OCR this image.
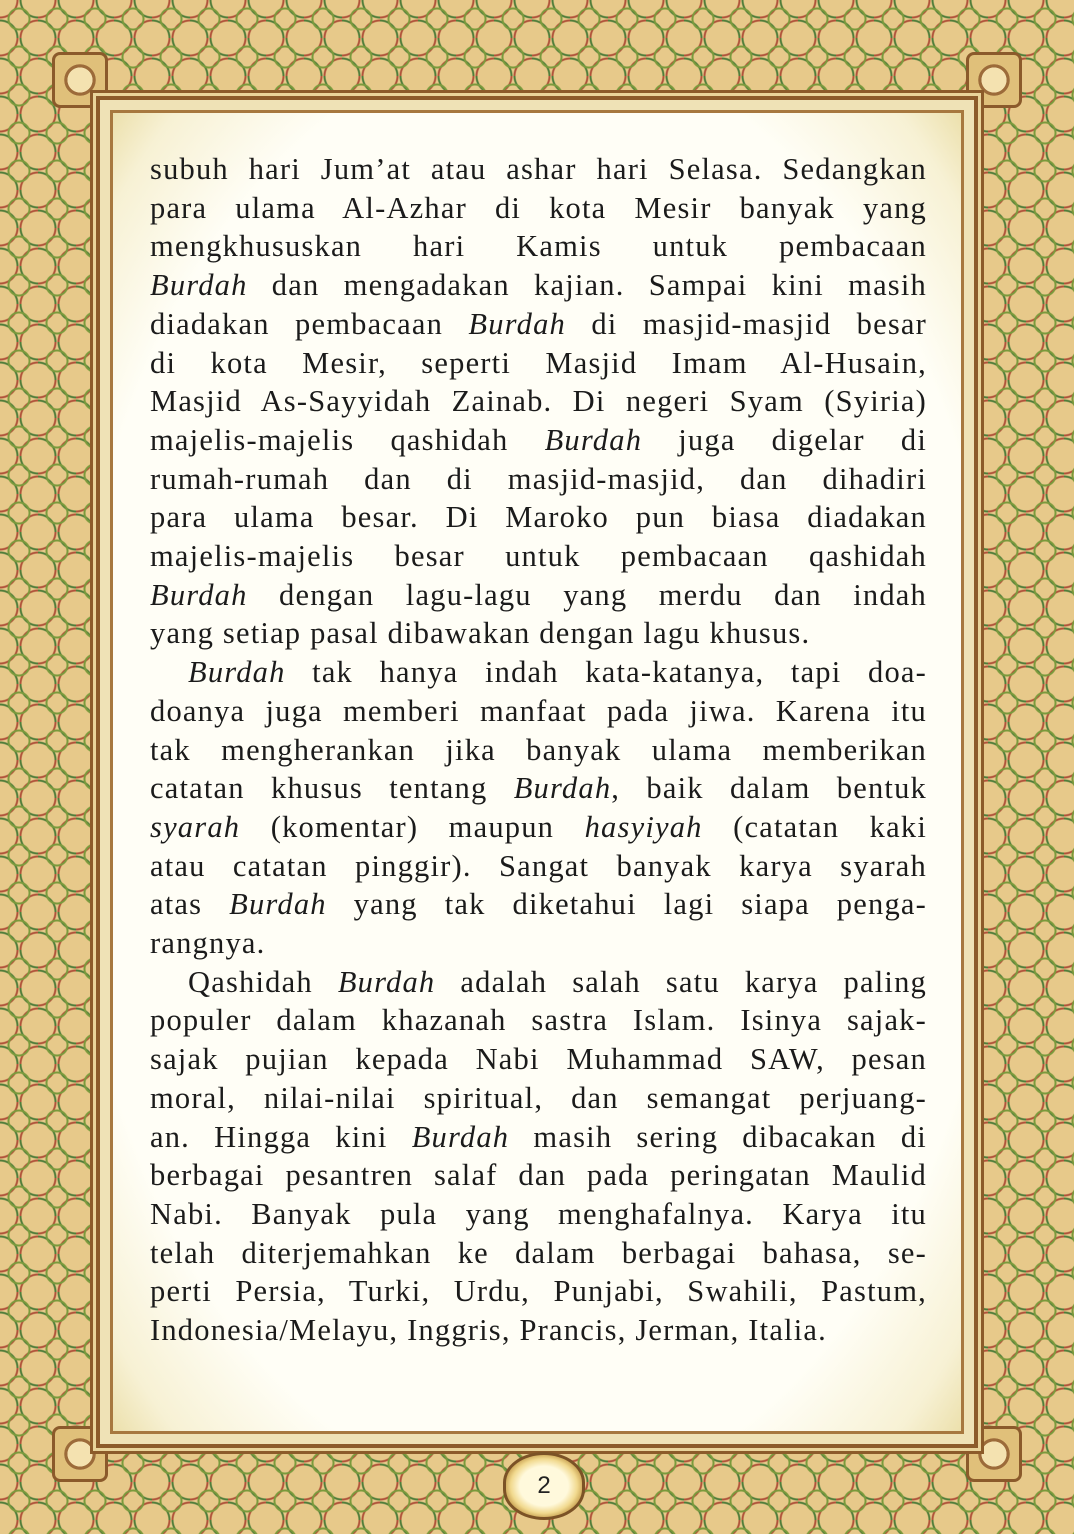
subuh hari Jum’at atau ashar hari Selasa. Sedangkan
para ulama Al-Azhar di kota Mesir banyak yang
mengkhususkan hari Kamis untuk pembacaan
Burdah dan mengadakan kajian. Sampai kini masih
diadakan pembacaan Burdah di masjid-masjid besar
di kota Mesir, seperti Masjid Imam Al-Husain,
Masjid As-Sayyidah Zainab. Di negeri Syam (Syiria)
majelis-majelis qashidah Burdah juga digelar di
rumah-rumah dan di masjid-masjid, dan dihadiri
para ulama besar. Di Maroko pun biasa diadakan
majelis-majelis besar untuk pembacaan qashidah
Burdah dengan lagu-lagu yang merdu dan indah
yang setiap pasal dibawakan dengan lagu khusus.
Burdah tak hanya indah kata-katanya, tapi doa-
doanya juga memberi manfaat pada jiwa. Karena itu
tak mengherankan jika banyak ulama memberikan
catatan khusus tentang Burdah, baik dalam bentuk
syarah (komentar) maupun hasyiyah (catatan kaki
atau catatan pinggir). Sangat banyak karya syarah
atas Burdah yang tak diketahui lagi siapa penga-
rangnya.
Qashidah Burdah adalah salah satu karya paling
populer dalam khazanah sastra Islam. Isinya sajak-
sajak pujian kepada Nabi Muhammad SAW, pesan
moral, nilai-nilai spiritual, dan semangat perjuang-
an. Hingga kini Burdah masih sering dibacakan di
berbagai pesantren salaf dan pada peringatan Maulid
Nabi. Banyak pula yang menghafalnya. Karya itu
telah diterjemahkan ke dalam berbagai bahasa, se-
perti Persia, Turki, Urdu, Punjabi, Swahili, Pastum,
Indonesia/Melayu, Inggris, Prancis, Jerman, Italia.
2
